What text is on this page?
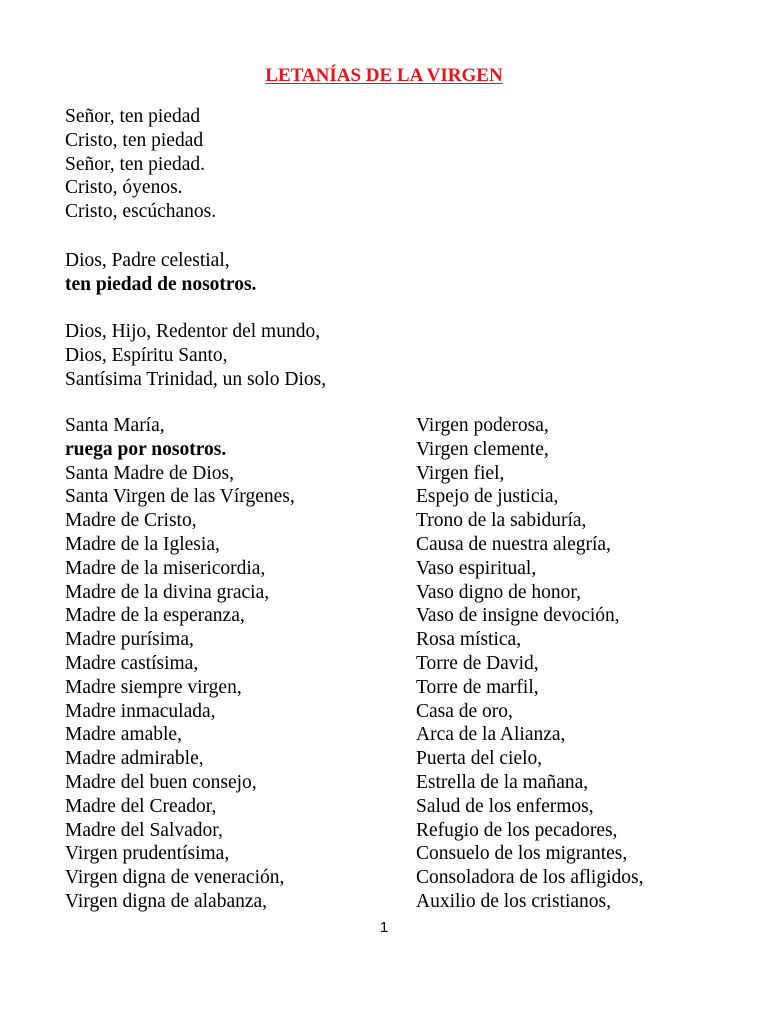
LETANÍAS DE LA VIRGEN
Señor, ten piedad
Cristo, ten piedad
Señor, ten piedad.
Cristo, óyenos.
Cristo, escúchanos.
Dios, Padre celestial,
ten piedad de nosotros.
Dios, Hijo, Redentor del mundo,
Dios, Espíritu Santo,
Santísima Trinidad, un solo Dios,
Santa María,
ruega por nosotros.
Santa Madre de Dios,
Santa Virgen de las Vírgenes,
Madre de Cristo,
Madre de la Iglesia,
Madre de la misericordia,
Madre de la divina gracia,
Madre de la esperanza,
Madre purísima,
Madre castísima,
Madre siempre virgen,
Madre inmaculada,
Madre amable,
Madre admirable,
Madre del buen consejo,
Madre del Creador,
Madre del Salvador,
Virgen prudentísima,
Virgen digna de veneración,
Virgen digna de alabanza,
Virgen poderosa,
Virgen clemente,
Virgen fiel,
Espejo de justicia,
Trono de la sabiduría,
Causa de nuestra alegría,
Vaso espiritual,
Vaso digno de honor,
Vaso de insigne devoción,
Rosa mística,
Torre de David,
Torre de marfil,
Casa de oro,
Arca de la Alianza,
Puerta del cielo,
Estrella de la mañana,
Salud de los enfermos,
Refugio de los pecadores,
Consuelo de los migrantes,
Consoladora de los afligidos,
Auxilio de los cristianos,
1
